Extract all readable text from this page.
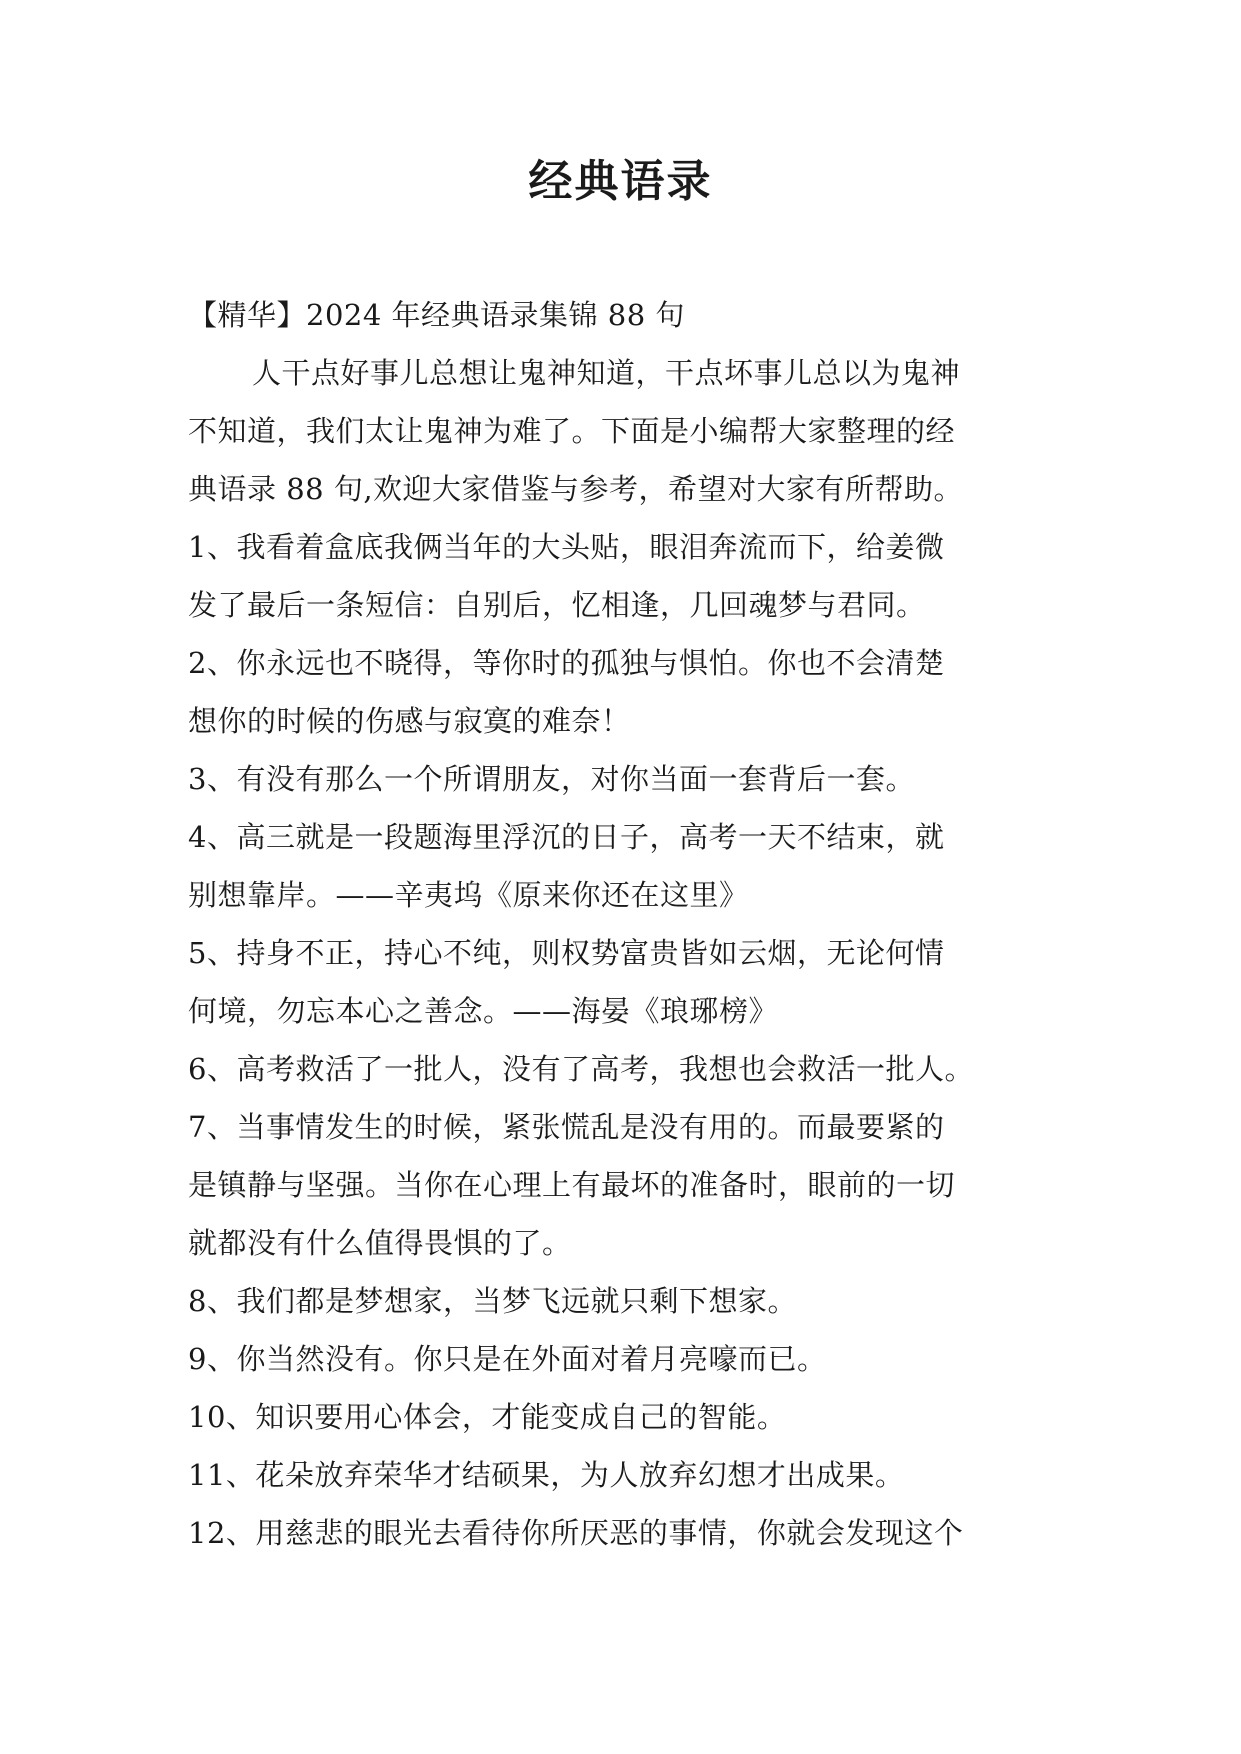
经典语录
【精华】2024 年经典语录集锦 88 句
人干点好事儿总想让鬼神知道，干点坏事儿总以为鬼神
不知道，我们太让鬼神为难了。下面是小编帮大家整理的经
典语录 88 句,欢迎大家借鉴与参考，希望对大家有所帮助。
1、我看着盒底我俩当年的大头贴，眼泪奔流而下，给姜微
发了最后一条短信：自别后，忆相逢，几回魂梦与君同。
2、你永远也不晓得，等你时的孤独与惧怕。你也不会清楚
想你的时候的伤感与寂寞的难奈！
3、有没有那么一个所谓朋友，对你当面一套背后一套。
4、高三就是一段题海里浮沉的日子，高考一天不结束，就
别想靠岸。——辛夷坞《原来你还在这里》
5、持身不正，持心不纯，则权势富贵皆如云烟，无论何情
何境，勿忘本心之善念。——海晏《琅琊榜》
6、高考救活了一批人，没有了高考，我想也会救活一批人。
7、当事情发生的时候，紧张慌乱是没有用的。而最要紧的
是镇静与坚强。当你在心理上有最坏的准备时，眼前的一切
就都没有什么值得畏惧的了。
8、我们都是梦想家，当梦飞远就只剩下想家。
9、你当然没有。你只是在外面对着月亮嚎而已。
10、知识要用心体会，才能变成自己的智能。
11、花朵放弃荣华才结硕果，为人放弃幻想才出成果。
12、用慈悲的眼光去看待你所厌恶的事情，你就会发现这个
